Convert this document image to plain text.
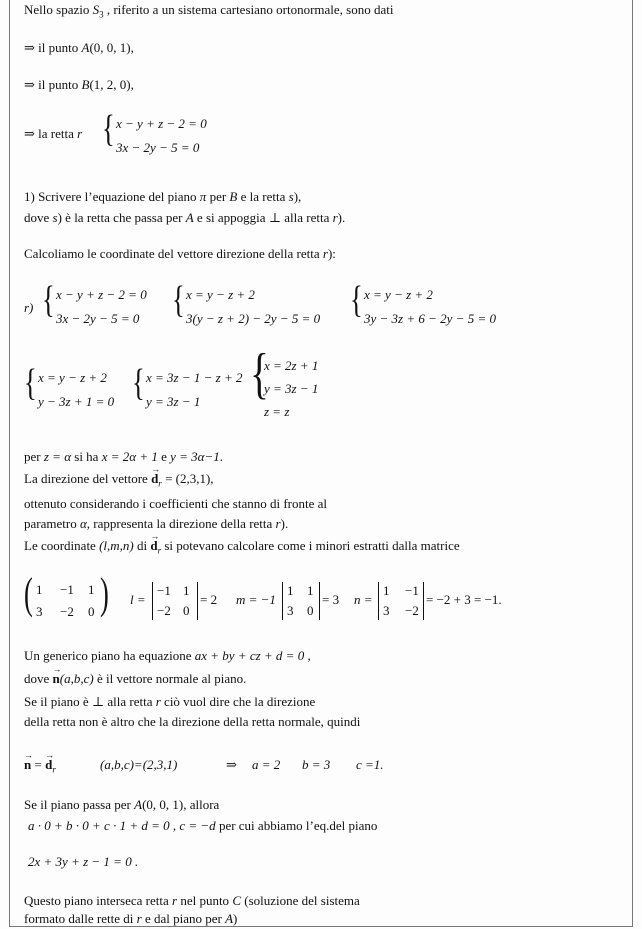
Nello spazio $S_3$ , riferito a un sistema cartesiano ortonormale, sono dati
⇒ il punto A(0, 0, 1),
⇒ il punto B(1, 2, 0),
⇒ la retta r { x − y + z − 2 = 0
3x − 2y − 5 = 0
1) Scrivere l’equazione del piano π per B e la retta s),
dove s) è la retta che passa per A e si appoggia ⊥ alla retta r).
Calcoliamo le coordinate del vettore direzione della retta r):
r) { x − y + z − 2 = 0
3x − 2y − 5 = 0 { x = y − z + 2
3(y − z + 2) − 2y − 5 = 0 { x = y − z + 2
3y − 3z + 6 − 2y − 5 = 0
{ x = y − z + 2
y − 3z + 1 = 0 { x = 3z − 1 − z + 2
y = 3z − 1 {
x = 2z + 1
y = 3z − 1
z = z
per z = α si ha x = 2α + 1 e y = 3α−1.
La direzione del vettore → $d_r = (2,3,1)$,
ottenuto considerando i coefficienti che stanno di fronte al
parametro α, rappresenta la direzione della retta r).
Le coordinate (l,m,n) di → $d_r$ si potevano calcolare come i minori estratti dalla matrice
( )
1 −1 1
3 −2 0
l =
−1 1
−2 0
= 2 m = −1
1 1
3 0
= 3 n =
1 −1
3 −2
= −2 + 3 = −1.
Un generico piano ha equazione ax + by + cz + d = 0 ,
dove → n(a,b,c) è il vettore normale al piano.
Se il piano è ⊥ alla retta r ciò vuol dire che la direzione
della retta non è altro che la direzione della retta normale, quindi
→ n = → $d_r$	(a,b,c)=(2,3,1)	⇒ a = 2 b = 3 c =1.
Se il piano passa per A(0, 0, 1), allora
a · 0 + b · 0 + c · 1 + d = 0 , c = −d per cui abbiamo l’eq.del piano
2x + 3y + z − 1 = 0 .
Questo piano interseca retta r nel punto C (soluzione del sistema
formato dalle rette di r e dal piano per A)
